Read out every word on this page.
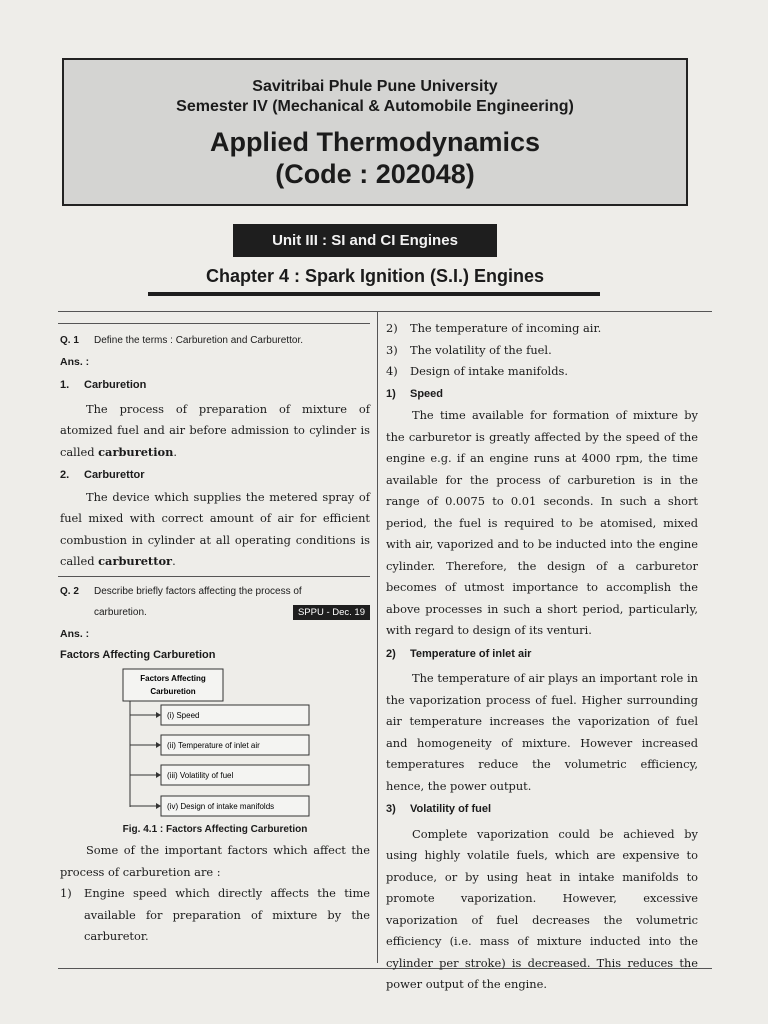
Savitribai Phule Pune University
Semester IV (Mechanical & Automobile Engineering)
Applied Thermodynamics
(Code : 202048)
Unit III : SI and CI Engines
Chapter 4 : Spark Ignition (S.I.) Engines
Q. 1	Define the terms : Carburetion and Carburettor.
Ans. :
1.	Carburetion

The process of preparation of mixture of atomized fuel and air before admission to cylinder is called carburetion.

2.	Carburettor

The device which supplies the metered spray of fuel mixed with correct amount of air for efficient combustion in cylinder at all operating conditions is called carburettor.

Q. 2	Describe briefly factors affecting the process of
carburetion.	SPPU - Dec. 19
Ans. :
Factors Affecting Carburetion
Factors Affecting
Carburetion
(i) Speed
(ii) Temperature of inlet air
(iii) Volatility of fuel
(iv) Design of intake manifolds
Fig. 4.1 : Factors Affecting Carburetion

Some of the important factors which affect the process of carburetion are :

1)	Engine speed which directly affects the time available for preparation of mixture by the carburetor.
2)	The temperature of incoming air.
3)	The volatility of the fuel.
4)	Design of intake manifolds.
1)	Speed

The time available for formation of mixture by the carburetor is greatly affected by the speed of the engine e.g. if an engine runs at 4000 rpm, the time available for the process of carburetion is in the range of 0.0075 to 0.01 seconds. In such a short period, the fuel is required to be atomised, mixed with air, vaporized and to be inducted into the engine cylinder. Therefore, the design of a carburetor becomes of utmost importance to accomplish the above processes in such a short period, particularly, with regard to design of its venturi.

2)	Temperature of inlet air

The temperature of air plays an important role in the vaporization process of fuel. Higher surrounding air temperature increases the vaporization of fuel and homogeneity of mixture. However increased temperatures reduce the volumetric efficiency, hence, the power output.

3)	Volatility of fuel

Complete vaporization could be achieved by using highly volatile fuels, which are expensive to produce, or by using heat in intake manifolds to promote vaporization. However, excessive vaporization of fuel decreases the volumetric efficiency (i.e. mass of mixture inducted into the cylinder per stroke) is decreased. This reduces the power output of the engine.
